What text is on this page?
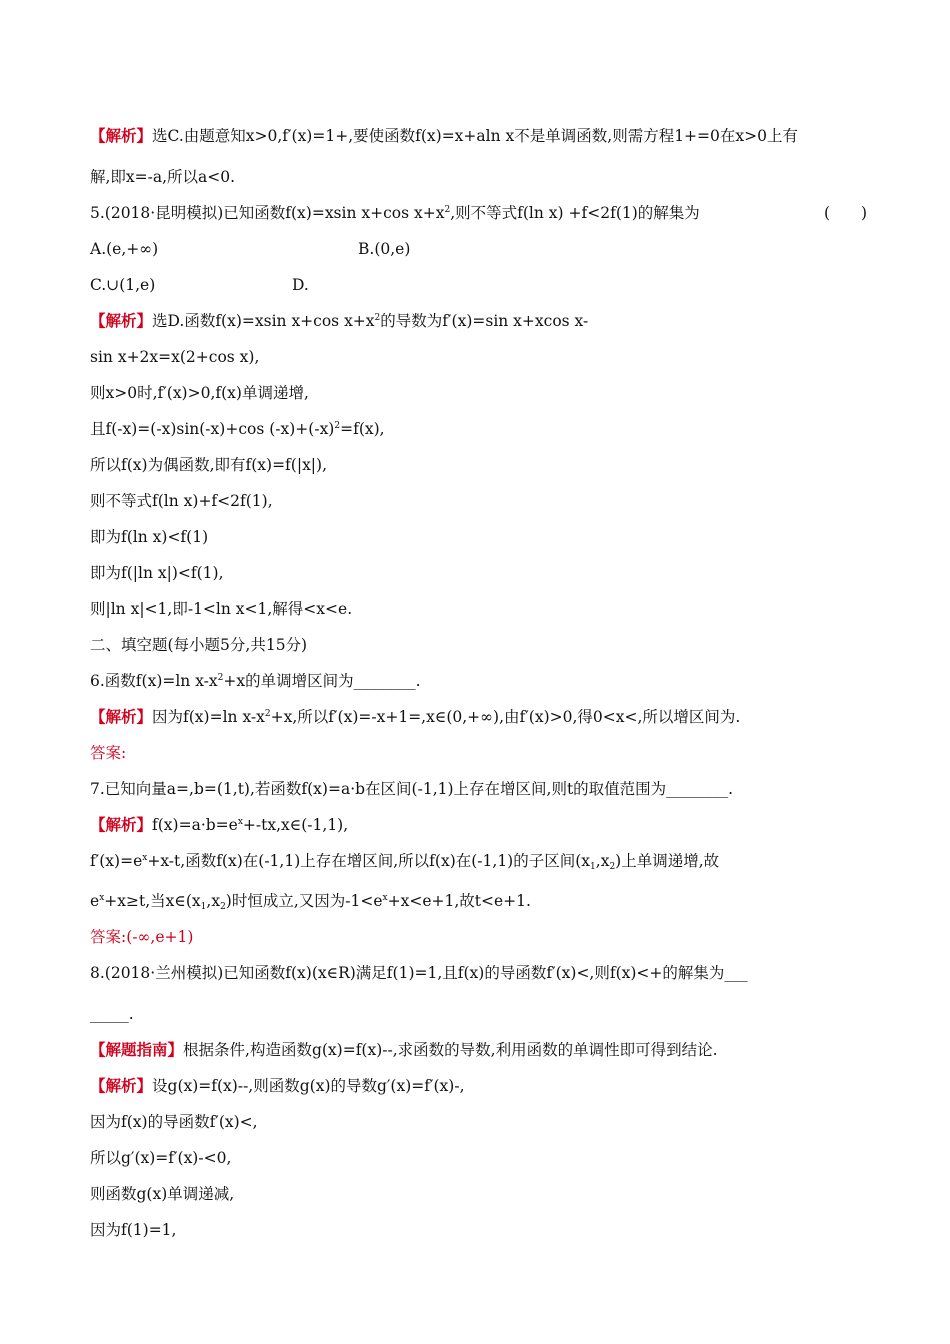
【解析】选C.由题意知x>0,f′(x)=1+,要使函数f(x)=x+aln x不是单调函数,则需方程1+=0在x>0上有
解,即x=-a,所以a<0.
5.(2018·昆明模拟)已知函数f(x)=xsin x+cos $x+x^2$,则不等式f(ln x) +f<2f(1)的解集为	(　　)
A.(e,+∞)	B.(0,e)
C.∪(1,e)	D.
【解析】选D.函数f(x)=xsin x+cos $x+x^2$的导数为f′(x)=sin x+xcos x-
sin x+2x=x(2+cos x),
则x>0时,f′(x)>0,f(x)单调递增,
且f(-x)=(-x)sin(-x)+cos $(-x)+(-x)^2=f(x)$,
所以f(x)为偶函数,即有f(x)=f(|x|),
则不等式f(ln x)+f<2f(1),
即为f(ln x)<f(1)
即为f(|ln x|)<f(1),
则|ln x|<1,即-1<ln x<1,解得<x<e.
二、填空题(每小题5分,共15分)
6.函数f(x)=ln $x-x^2+x$的单调增区间为________.
【解析】因为f(x)=ln $x-x^2+x$,所以f′(x)=-x+1=,x∈(0,+∞),由f′(x)>0,得0<x<,所以增区间为.
答案:
7.已知向量a=,b=(1,t),若函数f(x)=a·b在区间(-1,1)上存在增区间,则t的取值范围为________.
【解析】$f(x)=a\cdot b=e^x+-tx,x\in(-1,1)$,
$f'(x)=e^x+x-t$,函数f(x)在(-1,1)上存在增区间,所以f(x)在(-1,1)的子区间$(x_1,x_2)$上单调递增,故
$e^x+x\ge t$,当$x\in(x_1,x_2)$时恒成立,又因为$-1<e^x+x<e+1$,故t<e+1.
答案:(-∞,e+1)
8.(2018·兰州模拟)已知函数f(x)(x∈R)满足f(1)=1,且f(x)的导函数f′(x)<,则f(x)<+的解集为___
_____.
【解题指南】根据条件,构造函数g(x)=f(x)--,求函数的导数,利用函数的单调性即可得到结论.
【解析】设g(x)=f(x)--,则函数g(x)的导数g′(x)=f′(x)-,
因为f(x)的导函数f′(x)<,
所以g′(x)=f′(x)-<0,
则函数g(x)单调递减,
因为f(1)=1,
